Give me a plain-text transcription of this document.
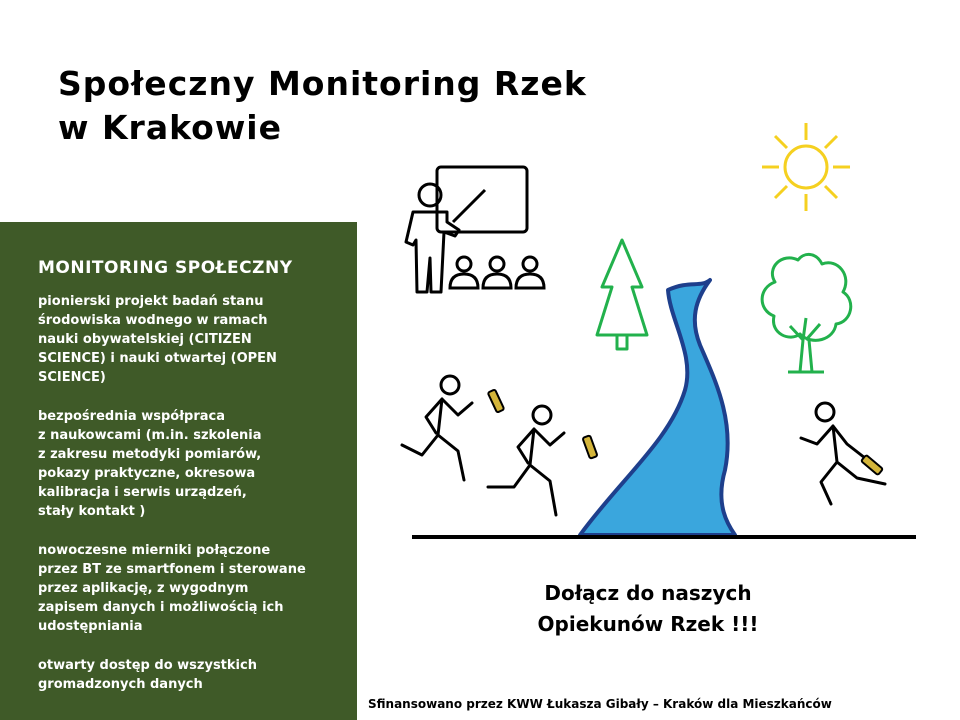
Społeczny Monitoring Rzek
w Krakowie
MONITORING SPOŁECZNY

pionierski projekt badań stanu
środowiska wodnego w ramach
nauki obywatelskiej (CITIZEN
SCIENCE) i nauki otwartej (OPEN
SCIENCE)

bezpośrednia współpraca
z naukowcami (m.in. szkolenia
z zakresu metodyki pomiarów,
pokazy praktyczne, okresowa
kalibracja i serwis urządzeń,
stały kontakt )

nowoczesne mierniki połączone
przez BT ze smartfonem i sterowane
przez aplikację, z wygodnym
zapisem danych i możliwością ich
udostępniania

otwarty dostęp do wszystkich
gromadzonych danych

Dołącz do naszych
Opiekunów Rzek !!!
Sfinansowano przez KWW Łukasza Gibały – Kraków dla Mieszkańców
